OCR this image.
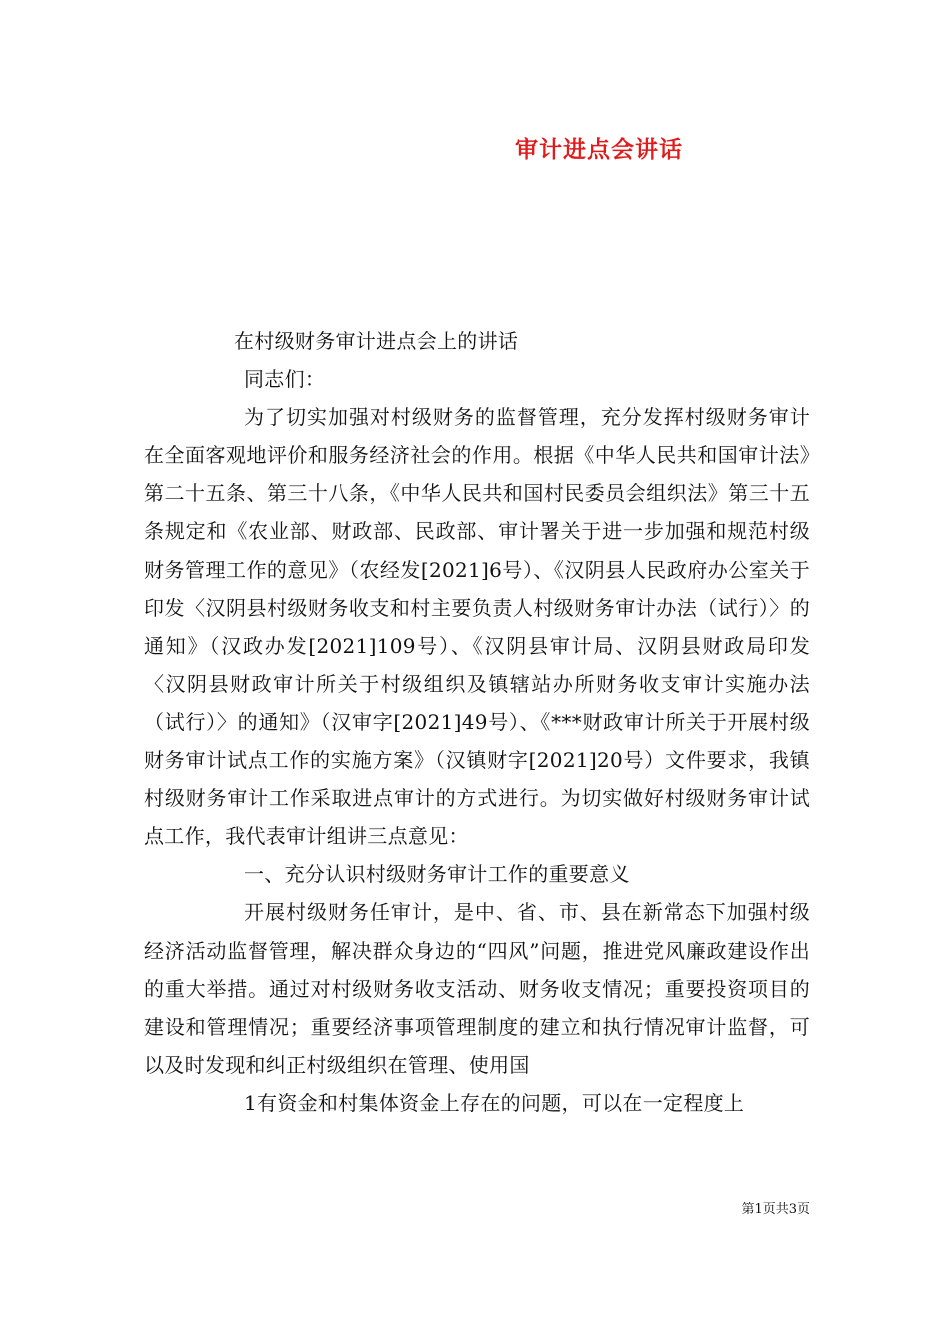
审计进点会讲话

在村级财务审计进点会上的讲话

同志们：

为了切实加强对村级财务的监督管理，充分发挥村级财务审计在全面客观地评价和服务经济社会的作用。根据《中华人民共和国审计法》第二十五条、第三十八条，《中华人民共和国村民委员会组织法》第三十五条规定和《农业部、财政部、民政部、审计署关于进一步加强和规范村级财务管理工作的意见》（农经发[2021]6号）、《汉阴县人民政府办公室关于印发〈汉阴县村级财务收支和村主要负责人村级财务审计办法（试行）〉的通知》（汉政办发[2021]109号）、《汉阴县审计局、汉阴县财政局印发〈汉阴县财政审计所关于村级组织及镇辖站办所财务收支审计实施办法（试行）〉的通知》（汉审字[2021]49号）、《***财政审计所关于开展村级财务审计试点工作的实施方案》（汉镇财字[2021]20号）文件要求，我镇村级财务审计工作采取进点审计的方式进行。为切实做好村级财务审计试点工作，我代表审计组讲三点意见：

一、充分认识村级财务审计工作的重要意义

开展村级财务任审计，是中、省、市、县在新常态下加强村级经济活动监督管理，解决群众身边的“四风”问题，推进党风廉政建设作出的重大举措。通过对村级财务收支活动、财务收支情况；重要投资项目的建设和管理情况；重要经济事项管理制度的建立和执行情况审计监督，可以及时发现和纠正村级组织在管理、使用国

1有资金和村集体资金上存在的问题，可以在一定程度上

第1页共3页
